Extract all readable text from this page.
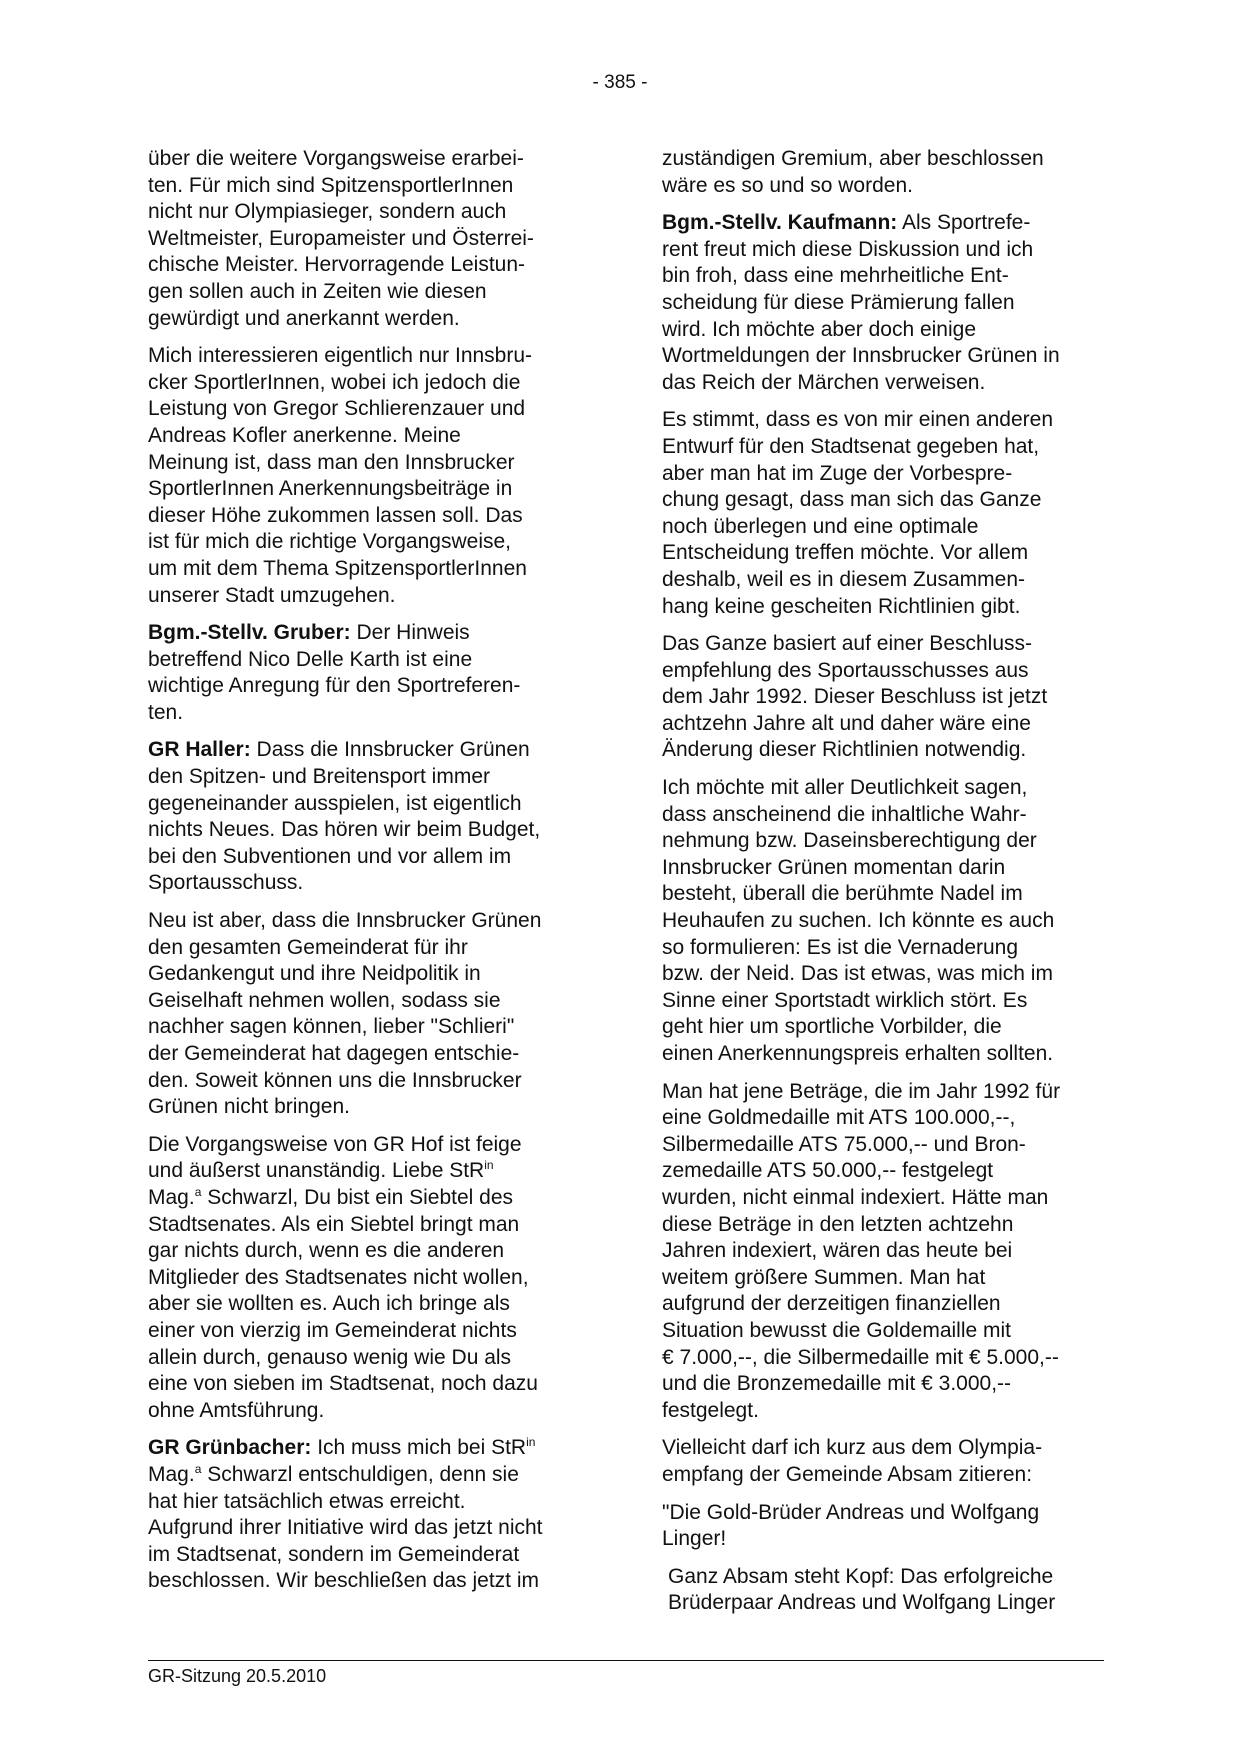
- 385 -

über die weitere Vorgangsweise erarbei-
ten. Für mich sind SpitzensportlerInnen
nicht nur Olympiasieger, sondern auch
Weltmeister, Europameister und Österrei-
chische Meister. Hervorragende Leistun-
gen sollen auch in Zeiten wie diesen
gewürdigt und anerkannt werden.

Mich interessieren eigentlich nur Innsbru-
cker SportlerInnen, wobei ich jedoch die
Leistung von Gregor Schlierenzauer und
Andreas Kofler anerkenne. Meine
Meinung ist, dass man den Innsbrucker
SportlerInnen Anerkennungsbeiträge in
dieser Höhe zukommen lassen soll. Das
ist für mich die richtige Vorgangsweise,
um mit dem Thema SpitzensportlerInnen
unserer Stadt umzugehen.

Bgm.-Stellv. Gruber: Der Hinweis
betreffend Nico Delle Karth ist eine
wichtige Anregung für den Sportreferen-
ten.

GR Haller: Dass die Innsbrucker Grünen
den Spitzen- und Breitensport immer
gegeneinander ausspielen, ist eigentlich
nichts Neues. Das hören wir beim Budget,
bei den Subventionen und vor allem im
Sportausschuss.

Neu ist aber, dass die Innsbrucker Grünen
den gesamten Gemeinderat für ihr
Gedankengut und ihre Neidpolitik in
Geiselhaft nehmen wollen, sodass sie
nachher sagen können, lieber "Schlieri"
der Gemeinderat hat dagegen entschie-
den. Soweit können uns die Innsbrucker
Grünen nicht bringen.

Die Vorgangsweise von GR Hof ist feige
und äußerst unanständig. Liebe StR$^{in}$
Mag.$^a$ Schwarzl, Du bist ein Siebtel des
Stadtsenates. Als ein Siebtel bringt man
gar nichts durch, wenn es die anderen
Mitglieder des Stadtsenates nicht wollen,
aber sie wollten es. Auch ich bringe als
einer von vierzig im Gemeinderat nichts
allein durch, genauso wenig wie Du als
eine von sieben im Stadtsenat, noch dazu
ohne Amtsführung.

GR Grünbacher: Ich muss mich bei StR$^{in}$
Mag.$^a$ Schwarzl entschuldigen, denn sie
hat hier tatsächlich etwas erreicht.
Aufgrund ihrer Initiative wird das jetzt nicht
im Stadtsenat, sondern im Gemeinderat
beschlossen. Wir beschließen das jetzt im

zuständigen Gremium, aber beschlossen
wäre es so und so worden.

Bgm.-Stellv. Kaufmann: Als Sportrefe-
rent freut mich diese Diskussion und ich
bin froh, dass eine mehrheitliche Ent-
scheidung für diese Prämierung fallen
wird. Ich möchte aber doch einige
Wortmeldungen der Innsbrucker Grünen in
das Reich der Märchen verweisen.

Es stimmt, dass es von mir einen anderen
Entwurf für den Stadtsenat gegeben hat,
aber man hat im Zuge der Vorbespre-
chung gesagt, dass man sich das Ganze
noch überlegen und eine optimale
Entscheidung treffen möchte. Vor allem
deshalb, weil es in diesem Zusammen-
hang keine gescheiten Richtlinien gibt.

Das Ganze basiert auf einer Beschluss-
empfehlung des Sportausschusses aus
dem Jahr 1992. Dieser Beschluss ist jetzt
achtzehn Jahre alt und daher wäre eine
Änderung dieser Richtlinien notwendig.

Ich möchte mit aller Deutlichkeit sagen,
dass anscheinend die inhaltliche Wahr-
nehmung bzw. Daseinsberechtigung der
Innsbrucker Grünen momentan darin
besteht, überall die berühmte Nadel im
Heuhaufen zu suchen. Ich könnte es auch
so formulieren: Es ist die Vernaderung
bzw. der Neid. Das ist etwas, was mich im
Sinne einer Sportstadt wirklich stört. Es
geht hier um sportliche Vorbilder, die
einen Anerkennungspreis erhalten sollten.

Man hat jene Beträge, die im Jahr 1992 für
eine Goldmedaille mit ATS 100.000,--,
Silbermedaille ATS 75.000,-- und Bron-
zemedaille ATS 50.000,-- festgelegt
wurden, nicht einmal indexiert. Hätte man
diese Beträge in den letzten achtzehn
Jahren indexiert, wären das heute bei
weitem größere Summen. Man hat
aufgrund der derzeitigen finanziellen
Situation bewusst die Goldemaille mit
€ 7.000,--, die Silbermedaille mit € 5.000,--
und die Bronzemedaille mit € 3.000,--
festgelegt.

Vielleicht darf ich kurz aus dem Olympia-
empfang der Gemeinde Absam zitieren:

"Die Gold-Brüder Andreas und Wolfgang
Linger!

Ganz Absam steht Kopf: Das erfolgreiche
Brüderpaar Andreas und Wolfgang Linger

GR-Sitzung 20.5.2010
